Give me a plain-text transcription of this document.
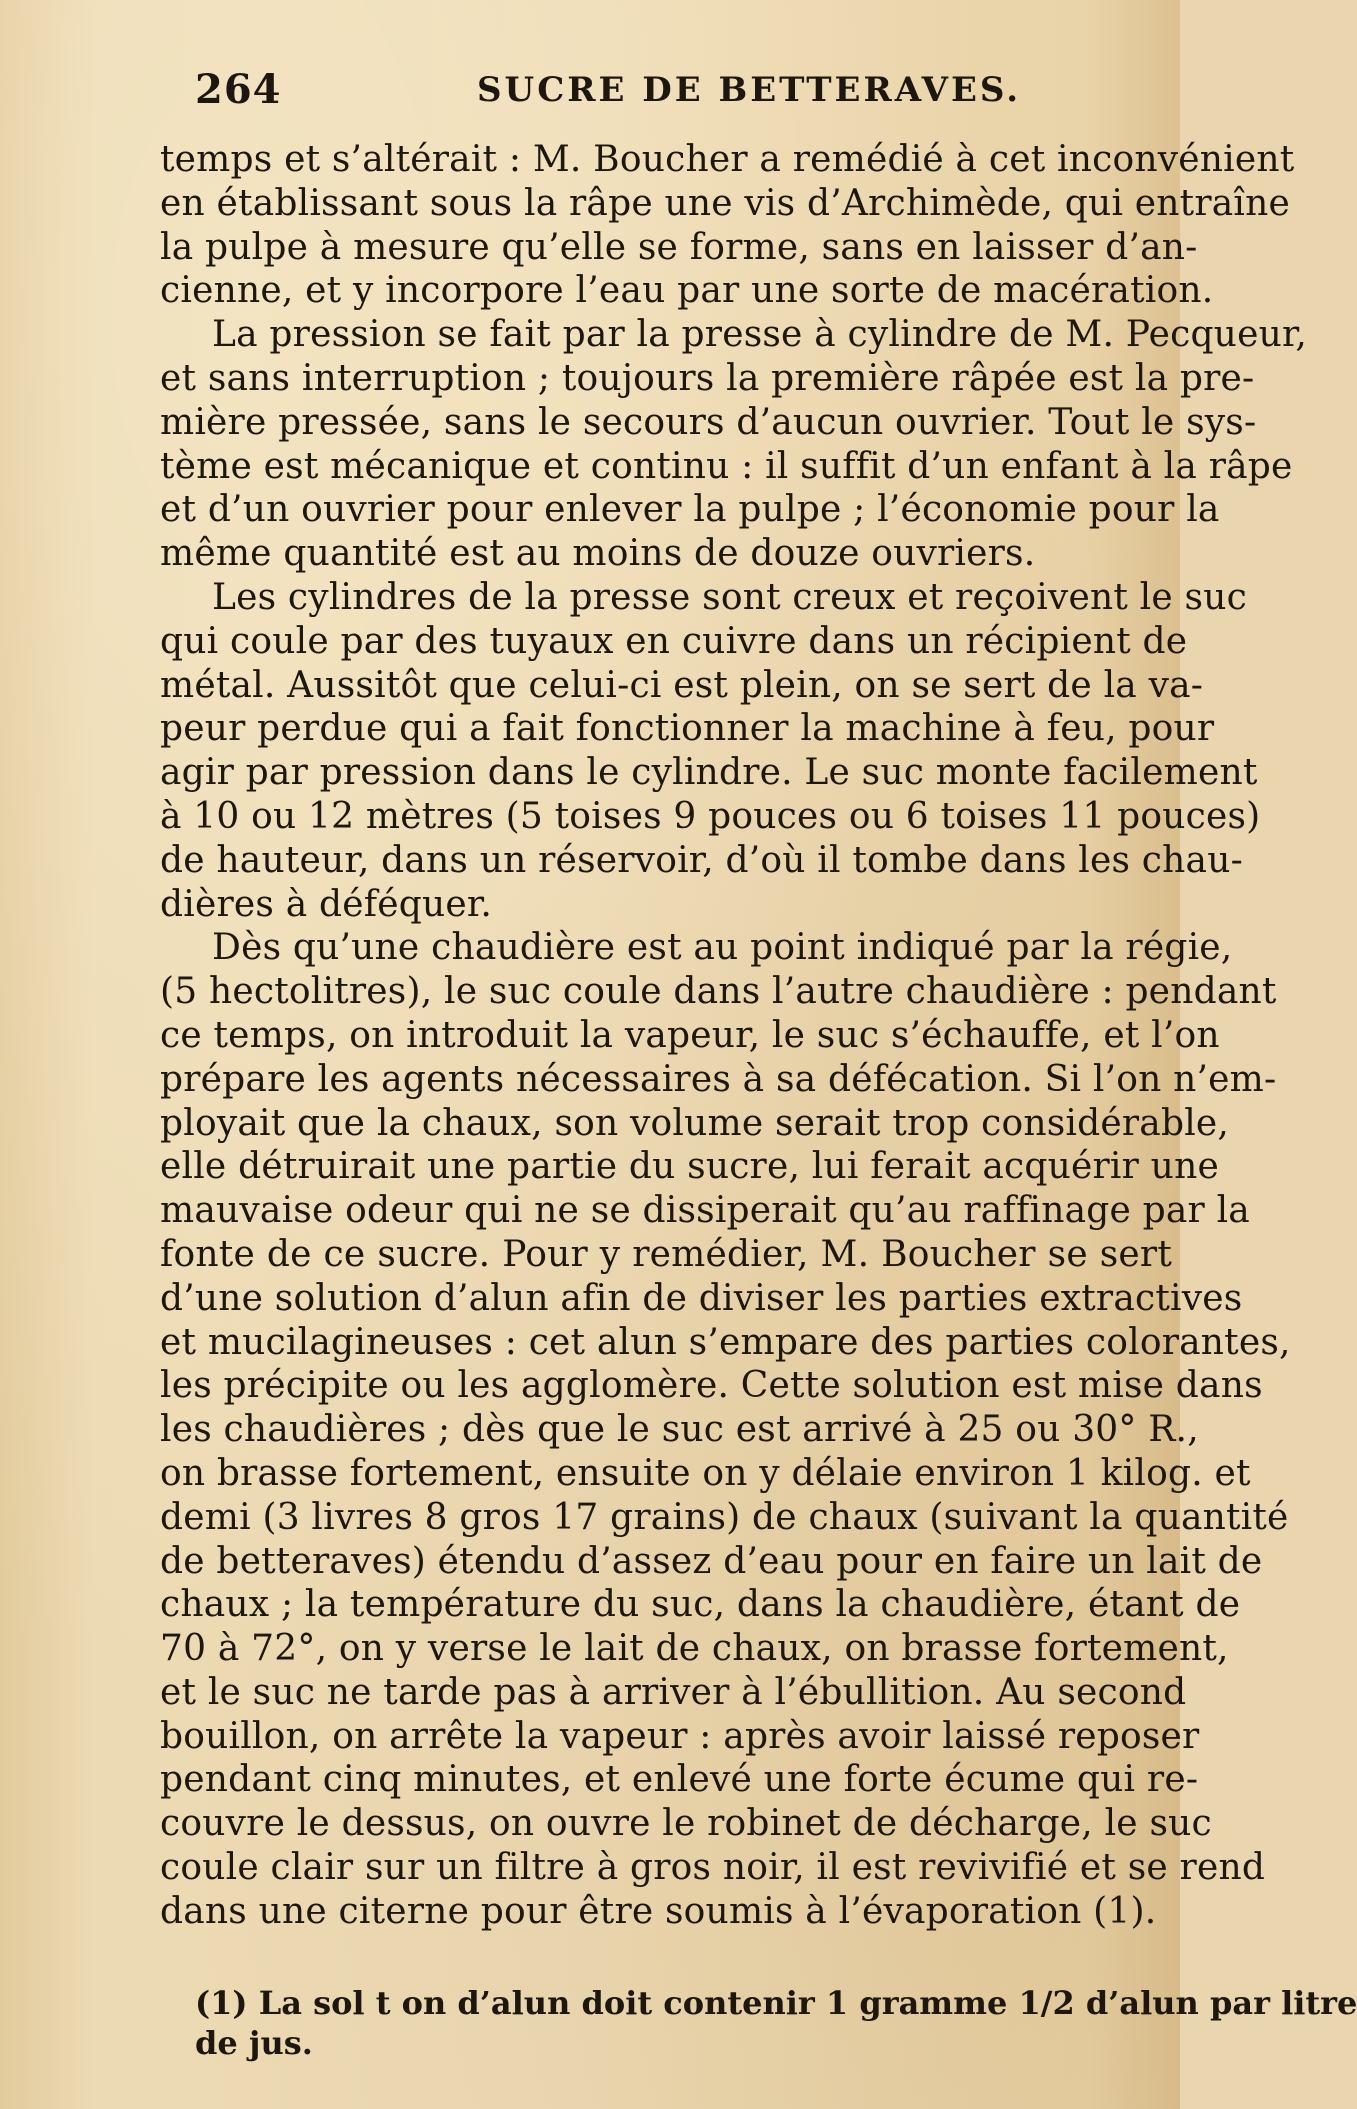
264	SUCRE DE BETTERAVES.
temps et s’altérait : M. Boucher a remédié à cet inconvénient
en établissant sous la râpe une vis d’Archimède, qui entraîne
la pulpe à mesure qu’elle se forme, sans en laisser d’an-
cienne, et y incorpore l’eau par une sorte de macération.
La pression se fait par la presse à cylindre de M. Pecqueur,
et sans interruption ; toujours la première râpée est la pre-
mière pressée, sans le secours d’aucun ouvrier. Tout le sys-
tème est mécanique et continu : il suffit d’un enfant à la râpe
et d’un ouvrier pour enlever la pulpe ; l’économie pour la
même quantité est au moins de douze ouvriers.
Les cylindres de la presse sont creux et reçoivent le suc
qui coule par des tuyaux en cuivre dans un récipient de
métal. Aussitôt que celui-ci est plein, on se sert de la va-
peur perdue qui a fait fonctionner la machine à feu, pour
agir par pression dans le cylindre. Le suc monte facilement
à 10 ou 12 mètres (5 toises 9 pouces ou 6 toises 11 pouces)
de hauteur, dans un réservoir, d’où il tombe dans les chau-
dières à déféquer.
Dès qu’une chaudière est au point indiqué par la régie,
(5 hectolitres), le suc coule dans l’autre chaudière : pendant
ce temps, on introduit la vapeur, le suc s’échauffe, et l’on
prépare les agents nécessaires à sa défécation. Si l’on n’em-
ployait que la chaux, son volume serait trop considérable,
elle détruirait une partie du sucre, lui ferait acquérir une
mauvaise odeur qui ne se dissiperait qu’au raffinage par la
fonte de ce sucre. Pour y remédier, M. Boucher se sert
d’une solution d’alun afin de diviser les parties extractives
et mucilagineuses : cet alun s’empare des parties colorantes,
les précipite ou les agglomère. Cette solution est mise dans
les chaudières ; dès que le suc est arrivé à 25 ou 30° R.,
on brasse fortement, ensuite on y délaie environ 1 kilog. et
demi (3 livres 8 gros 17 grains) de chaux (suivant la quantité
de betteraves) étendu d’assez d’eau pour en faire un lait de
chaux ; la température du suc, dans la chaudière, étant de
70 à 72°, on y verse le lait de chaux, on brasse fortement,
et le suc ne tarde pas à arriver à l’ébullition. Au second
bouillon, on arrête la vapeur : après avoir laissé reposer
pendant cinq minutes, et enlevé une forte écume qui re-
couvre le dessus, on ouvre le robinet de décharge, le suc
coule clair sur un filtre à gros noir, il est revivifié et se rend
dans une citerne pour être soumis à l’évaporation (1).
(1) La sol t on d’alun doit contenir 1 gramme 1/2 d’alun par litre
de jus.
